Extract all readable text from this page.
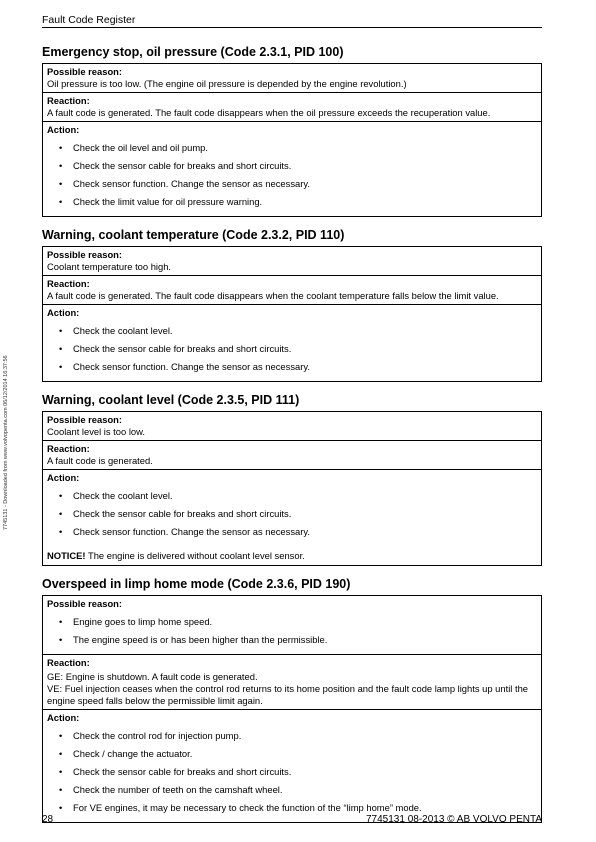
Fault Code Register
7745131 - Downloaded from www.volvopenta.com 06/12/2014 16:37:56
Emergency stop, oil pressure (Code 2.3.1, PID 100)
Possible reason:
Oil pressure is too low. (The engine oil pressure is depended by the engine revolution.)
Reaction:
A fault code is generated. The fault code disappears when the oil pressure exceeds the recuperation value.
Action:
• Check the oil level and oil pump.
• Check the sensor cable for breaks and short circuits.
• Check sensor function. Change the sensor as necessary.
• Check the limit value for oil pressure warning.
Warning, coolant temperature (Code 2.3.2, PID 110)
Possible reason:
Coolant temperature too high.
Reaction:
A fault code is generated. The fault code disappears when the coolant temperature falls below the limit value.
Action:
• Check the coolant level.
• Check the sensor cable for breaks and short circuits.
• Check sensor function. Change the sensor as necessary.
Warning, coolant level (Code 2.3.5, PID 111)
Possible reason:
Coolant level is too low.
Reaction:
A fault code is generated.
Action:
• Check the coolant level.
• Check the sensor cable for breaks and short circuits.
• Check sensor function. Change the sensor as necessary.
NOTICE! The engine is delivered without coolant level sensor.
Overspeed in limp home mode (Code 2.3.6, PID 190)
Possible reason:
• Engine goes to limp home speed.
• The engine speed is or has been higher than the permissible.
Reaction:
GE: Engine is shutdown. A fault code is generated.
VE: Fuel injection ceases when the control rod returns to its home position and the fault code lamp lights up until the engine speed falls below the permissible limit again.
Action:
• Check the control rod for injection pump.
• Check / change the actuator.
• Check the sensor cable for breaks and short circuits.
• Check the number of teeth on the camshaft wheel.
• For VE engines, it may be necessary to check the function of the “limp home” mode.
28	7745131 08-2013 © AB VOLVO PENTA
